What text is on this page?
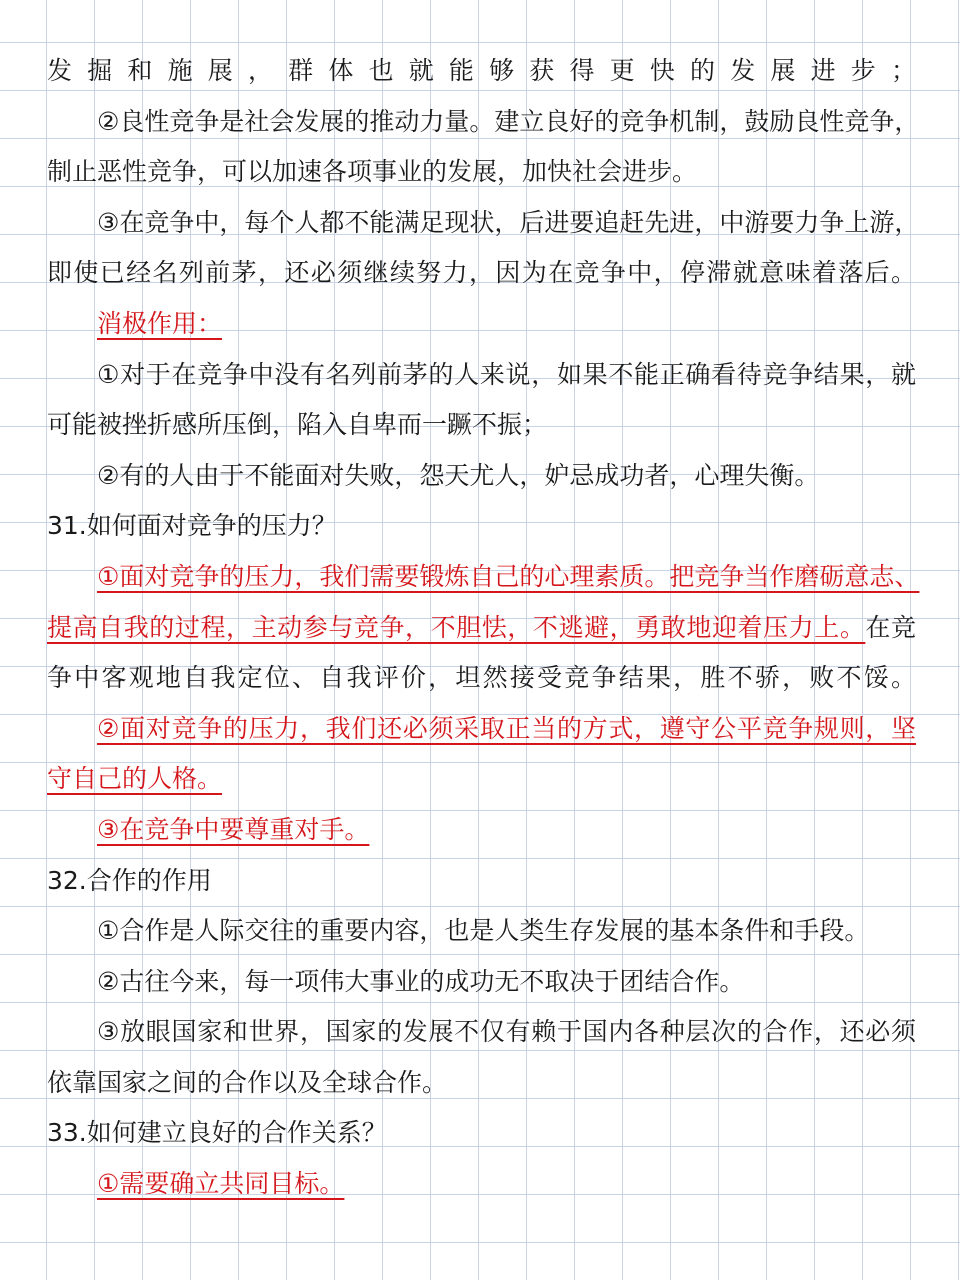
发掘和施展，群体也就能够获得更快的发展进步；
②良性竞争是社会发展的推动力量。建立良好的竞争机制，鼓励良性竞争，
制止恶性竞争，可以加速各项事业的发展，加快社会进步。
③在竞争中，每个人都不能满足现状，后进要追赶先进，中游要力争上游，
即使已经名列前茅，还必须继续努力，因为在竞争中，停滞就意味着落后。
消极作用：
①对于在竞争中没有名列前茅的人来说，如果不能正确看待竞争结果，就
可能被挫折感所压倒，陷入自卑而一蹶不振；
②有的人由于不能面对失败，怨天尤人，妒忌成功者，心理失衡。
31.如何面对竞争的压力？
①面对竞争的压力，我们需要锻炼自己的心理素质。把竞争当作磨砺意志、
提高自我的过程，主动参与竞争，不胆怯，不逃避，勇敢地迎着压力上。在竞
争中客观地自我定位、自我评价，坦然接受竞争结果，胜不骄，败不馁。
②面对竞争的压力，我们还必须采取正当的方式，遵守公平竞争规则，坚
守自己的人格。
③在竞争中要尊重对手。
32.合作的作用
①合作是人际交往的重要内容，也是人类生存发展的基本条件和手段。
②古往今来，每一项伟大事业的成功无不取决于团结合作。
③放眼国家和世界，国家的发展不仅有赖于国内各种层次的合作，还必须
依靠国家之间的合作以及全球合作。
33.如何建立良好的合作关系？
①需要确立共同目标。
